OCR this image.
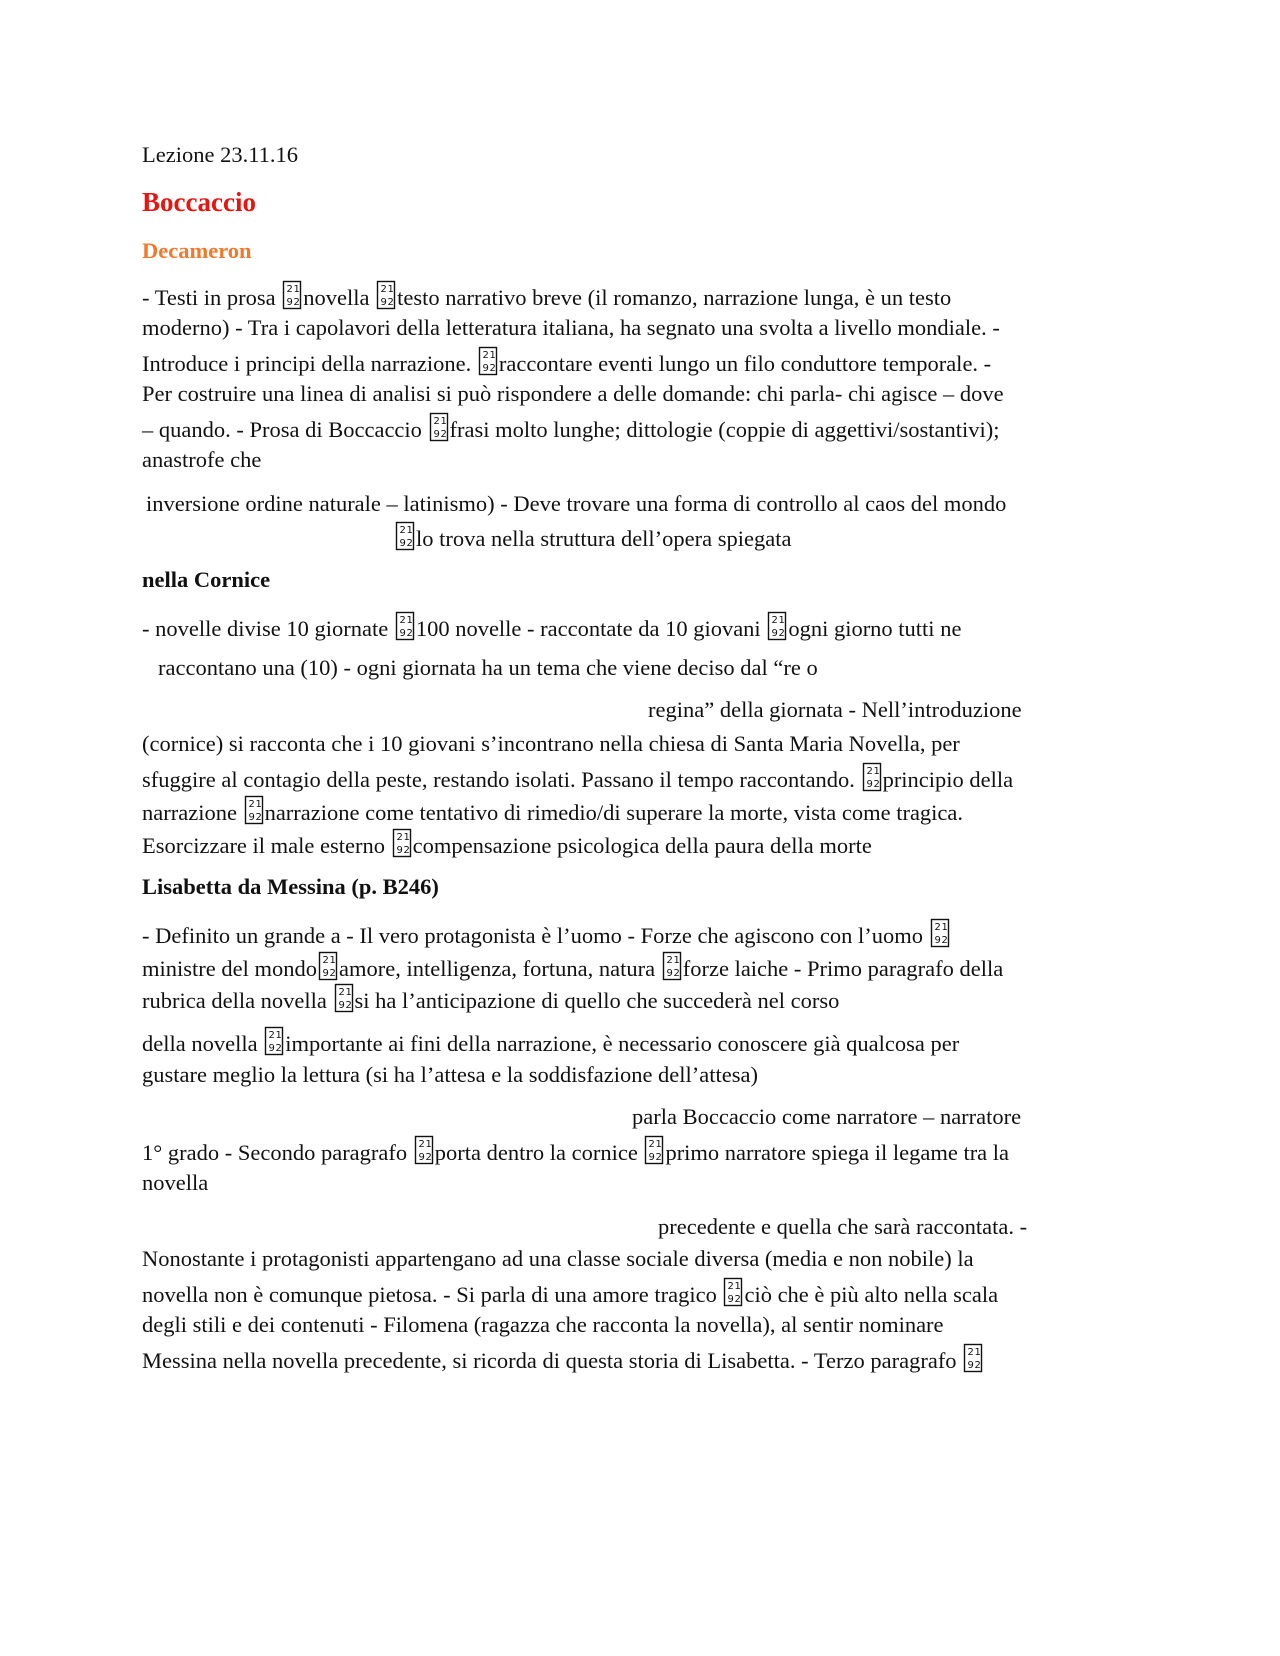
Lezione 23.11.16
Boccaccio
Decameron
- Testi in prosa 2 1
9 2 novella 2 1
9 2 testo narrativo breve (il romanzo, narrazione lunga, è un testo
moderno) - Tra i capolavori della letteratura italiana, ha segnato una svolta a livello mondiale. -
Introduce i principi della narrazione. 2 1
9 2 raccontare eventi lungo un filo conduttore temporale. -
Per costruire una linea di analisi si può rispondere a delle domande: chi parla- chi agisce – dove
– quando. - Prosa di Boccaccio 2 1
9 2 frasi molto lunghe; dittologie (coppie di aggettivi/sostantivi);
anastrofe che
inversione ordine naturale – latinismo) - Deve trovare una forma di controllo al caos del mondo
2 1
9 2 lo trova nella struttura dell’opera spiegata
nella Cornice
- novelle divise 10 giornate 2 1
9 2 100 novelle - raccontate da 10 giovani 2 1
9 2 ogni giorno tutti ne
raccontano una (10) - ogni giornata ha un tema che viene deciso dal “re o
regina” della giornata - Nell’introduzione
(cornice) si racconta che i 10 giovani s’incontrano nella chiesa di Santa Maria Novella, per
sfuggire al contagio della peste, restando isolati. Passano il tempo raccontando. 2 1
9 2 principio della
narrazione 2 1
9 2 narrazione come tentativo di rimedio/di superare la morte, vista come tragica.
Esorcizzare il male esterno 2 1
9 2 compensazione psicologica della paura della morte
Lisabetta da Messina (p. B246)
- Definito un grande a - Il vero protagonista è l’uomo - Forze che agiscono con l’uomo 2 1
9 2
ministre del mondo 2 1
9 2 amore, intelligenza, fortuna, natura 2 1
9 2 forze laiche - Primo paragrafo della
rubrica della novella 2 1
9 2 si ha l’anticipazione di quello che succederà nel corso
della novella 2 1
9 2 importante ai fini della narrazione, è necessario conoscere già qualcosa per
gustare meglio la lettura (si ha l’attesa e la soddisfazione dell’attesa)
parla Boccaccio come narratore – narratore
1° grado - Secondo paragrafo 2 1
9 2 porta dentro la cornice 2 1
9 2 primo narratore spiega il legame tra la
novella
precedente e quella che sarà raccontata. -
Nonostante i protagonisti appartengano ad una classe sociale diversa (media e non nobile) la
novella non è comunque pietosa. - Si parla di una amore tragico 2 1
9 2 ciò che è più alto nella scala
degli stili e dei contenuti - Filomena (ragazza che racconta la novella), al sentir nominare
Messina nella novella precedente, si ricorda di questa storia di Lisabetta. - Terzo paragrafo 2 1
9 2
